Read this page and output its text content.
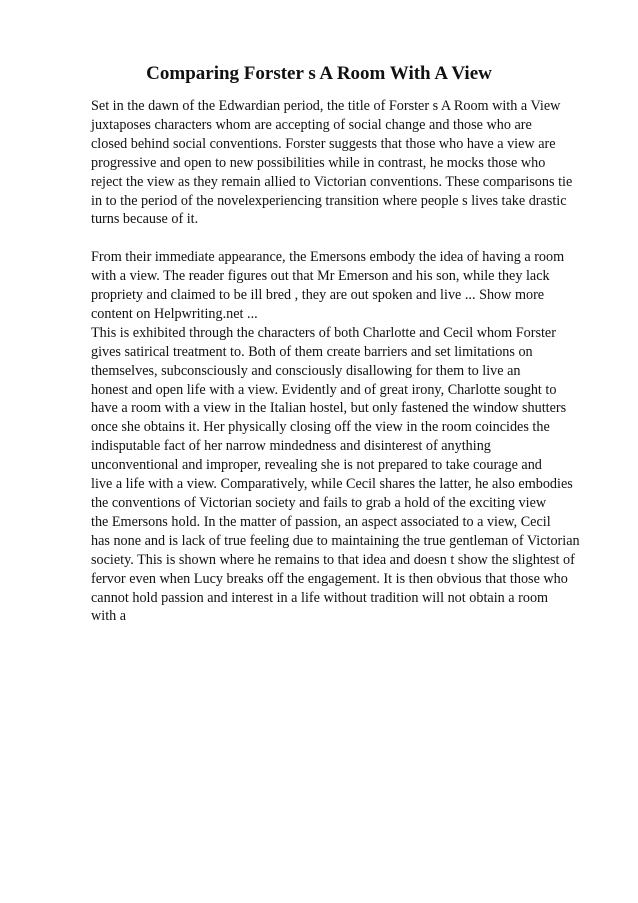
Comparing Forster s A Room With A View
Set in the dawn of the Edwardian period, the title of Forster s A Room with a View
juxtaposes characters whom are accepting of social change and those who are
closed behind social conventions. Forster suggests that those who have a view are
progressive and open to new possibilities while in contrast, he mocks those who
reject the view as they remain allied to Victorian conventions. These comparisons tie
in to the period of the novelexperiencing transition where people s lives take drastic
turns because of it.
From their immediate appearance, the Emersons embody the idea of having a room
with a view. The reader figures out that Mr Emerson and his son, while they lack
propriety and claimed to be ill bred , they are out spoken and live ... Show more
content on Helpwriting.net ...
This is exhibited through the characters of both Charlotte and Cecil whom Forster
gives satirical treatment to. Both of them create barriers and set limitations on
themselves, subconsciously and consciously disallowing for them to live an
honest and open life with a view. Evidently and of great irony, Charlotte sought to
have a room with a view in the Italian hostel, but only fastened the window shutters
once she obtains it. Her physically closing off the view in the room coincides the
indisputable fact of her narrow mindedness and disinterest of anything
unconventional and improper, revealing she is not prepared to take courage and
live a life with a view. Comparatively, while Cecil shares the latter, he also embodies
the conventions of Victorian society and fails to grab a hold of the exciting view
the Emersons hold. In the matter of passion, an aspect associated to a view, Cecil
has none and is lack of true feeling due to maintaining the true gentleman of Victorian
society. This is shown where he remains to that idea and doesn t show the slightest of
fervor even when Lucy breaks off the engagement. It is then obvious that those who
cannot hold passion and interest in a life without tradition will not obtain a room
with a
